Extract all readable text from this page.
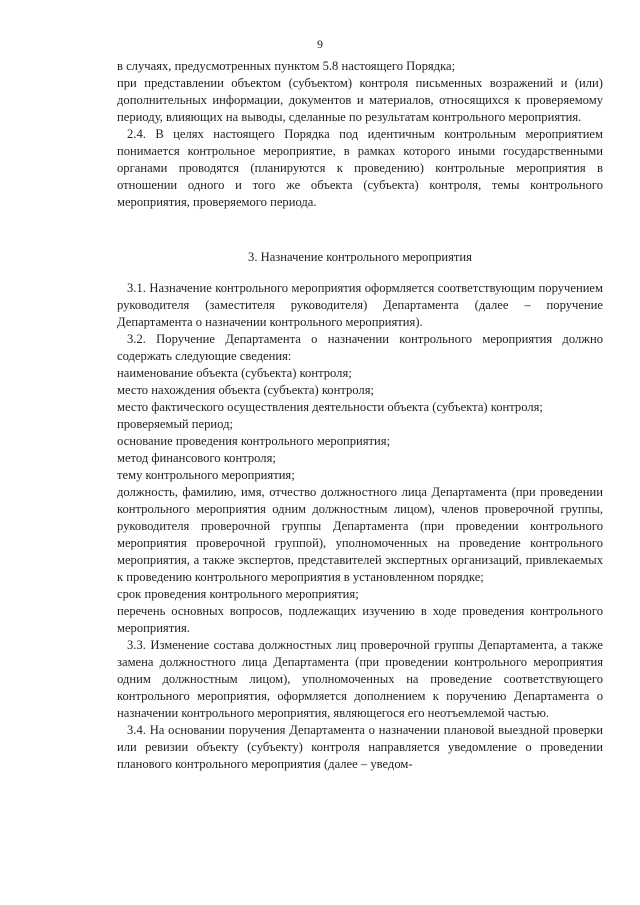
9

в случаях, предусмотренных пунктом 5.8 настоящего Порядка;

при представлении объектом (субъектом) контроля письменных возражений и (или) дополнительных информации, документов и материалов, относящихся к проверяемому периоду, влияющих на выводы, сделанные по результатам контрольного мероприятия.

2.4. В целях настоящего Порядка под идентичным контрольным мероприятием понимается контрольное мероприятие, в рамках которого иными государственными органами проводятся (планируются к проведению) контрольные мероприятия в отношении одного и того же объекта (субъекта) контроля, темы контрольного мероприятия, проверяемого периода.

3. Назначение контрольного мероприятия

3.1. Назначение контрольного мероприятия оформляется соответствующим поручением руководителя (заместителя руководителя) Департамента (далее – поручение Департамента о назначении контрольного мероприятия).

3.2. Поручение Департамента о назначении контрольного мероприятия должно содержать следующие сведения:

наименование объекта (субъекта) контроля;

место нахождения объекта (субъекта) контроля;

место фактического осуществления деятельности объекта (субъекта) контроля;

проверяемый период;

основание проведения контрольного мероприятия;

метод финансового контроля;

тему контрольного мероприятия;

должность, фамилию, имя, отчество должностного лица Департамента (при проведении контрольного мероприятия одним должностным лицом), членов проверочной группы, руководителя проверочной группы Департамента (при проведении контрольного мероприятия проверочной группой), уполномоченных на проведение контрольного мероприятия, а также экспертов, представителей экспертных организаций, привлекаемых к проведению контрольного мероприятия в установленном порядке;

срок проведения контрольного мероприятия;

перечень основных вопросов, подлежащих изучению в ходе проведения контрольного мероприятия.

3.3. Изменение состава должностных лиц проверочной группы Департамента, а также замена должностного лица Департамента (при проведении контрольного мероприятия одним должностным лицом), уполномоченных на проведение соответствующего контрольного мероприятия, оформляется дополнением к поручению Департамента о назначении контрольного мероприятия, являющегося его неотъемлемой частью.

3.4. На основании поручения Департамента о назначении плановой выездной проверки или ревизии объекту (субъекту) контроля направляется уведомление о проведении планового контрольного мероприятия (далее – уведом-
